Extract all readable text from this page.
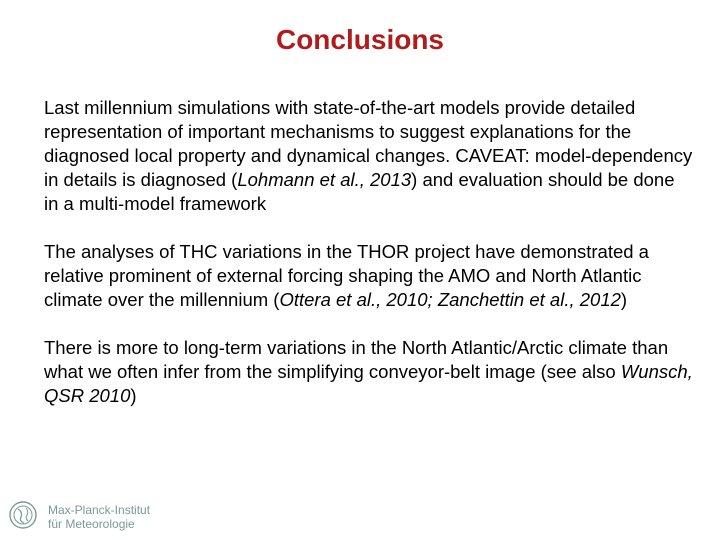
Conclusions

Last millennium simulations with state-of-the-art models provide detailed representation of important mechanisms to suggest explanations for the diagnosed local property and dynamical changes. CAVEAT: model-dependency in details is diagnosed (Lohmann et al., 2013) and evaluation should be done in a multi-model framework

The analyses of THC variations in the THOR project have demonstrated a relative prominent of external forcing shaping the AMO and North Atlantic climate over the millennium (Ottera et al., 2010; Zanchettin et al., 2012)

There is more to long-term variations in the North Atlantic/Arctic climate than what we often infer from the simplifying conveyor-belt image (see also Wunsch, QSR 2010)

Max-Planck-Institut
für Meteorologie
